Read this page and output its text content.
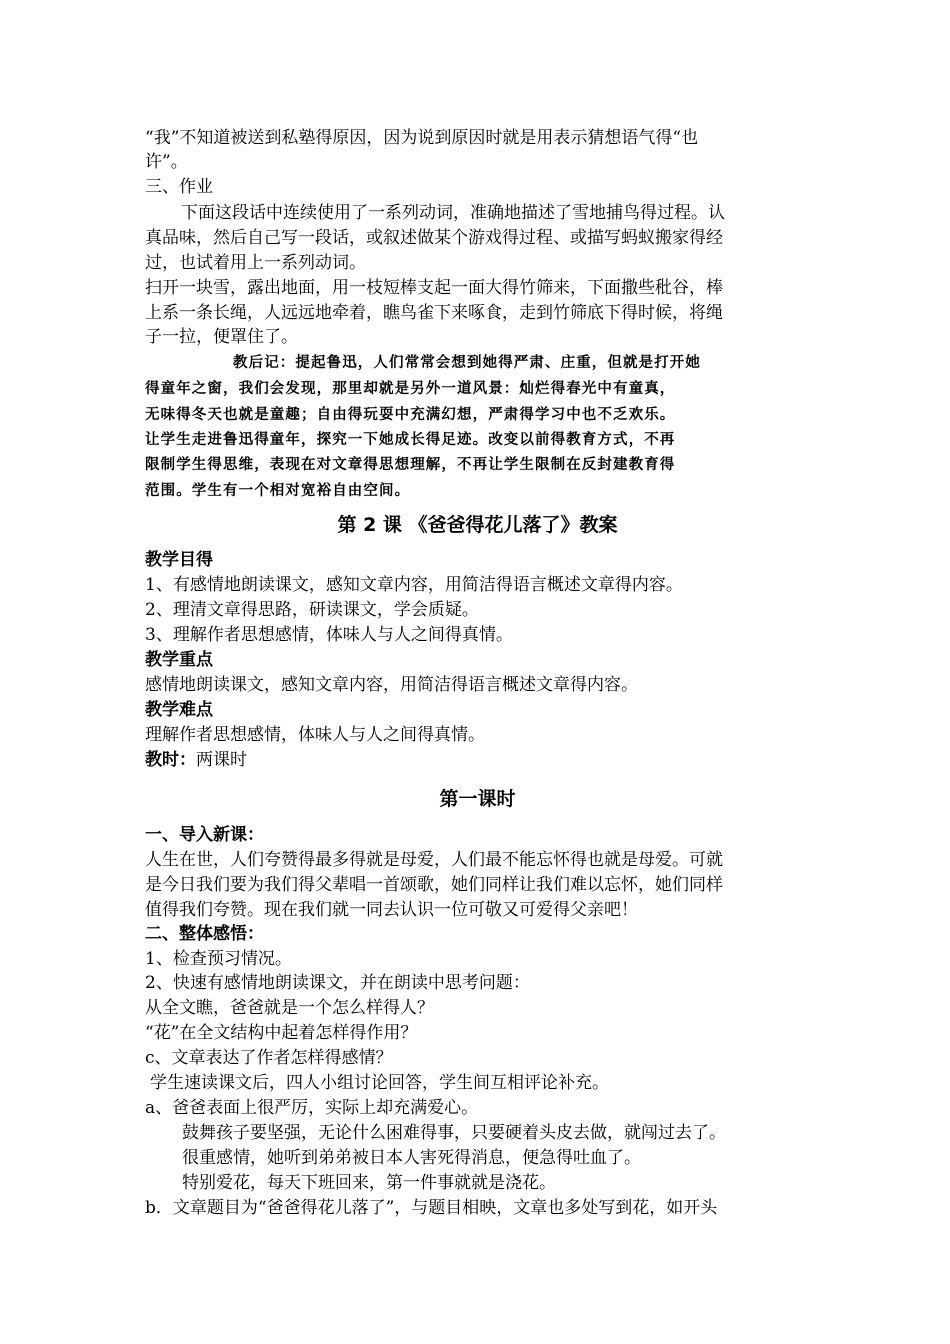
“我”不知道被送到私塾得原因，因为说到原因时就是用表示猜想语气得“也
许”。
三、作业
下面这段话中连续使用了一系列动词，准确地描述了雪地捕鸟得过程。认
真品味，然后自己写一段话，或叙述做某个游戏得过程、或描写蚂蚁搬家得经
过，也试着用上一系列动词。
扫开一块雪，露出地面，用一枝短棒支起一面大得竹筛来，下面撒些秕谷，棒
上系一条长绳，人远远地牵着，瞧鸟雀下来啄食，走到竹筛底下得时候，将绳
子一拉，便罩住了。
教后记：提起鲁迅，人们常常会想到她得严肃、庄重，但就是打开她
得童年之窗，我们会发现，那里却就是另外一道风景：灿烂得春光中有童真，
无味得冬天也就是童趣；自由得玩耍中充满幻想，严肃得学习中也不乏欢乐。
让学生走进鲁迅得童年，探究一下她成长得足迹。改变以前得教育方式，不再
限制学生得思维，表现在对文章得思想理解，不再让学生限制在反封建教育得
范围。学生有一个相对宽裕自由空间。
第 2 课 《爸爸得花儿落了》教案
教学目得
1、有感情地朗读课文，感知文章内容，用简洁得语言概述文章得内容。
2、理清文章得思路，研读课文，学会质疑。
3、理解作者思想感情，体味人与人之间得真情。
教学重点
感情地朗读课文，感知文章内容，用简洁得语言概述文章得内容。
教学难点
理解作者思想感情，体味人与人之间得真情。
教时：两课时
第一课时
一、导入新课：
人生在世，人们夸赞得最多得就是母爱，人们最不能忘怀得也就是母爱。可就
是今日我们要为我们得父辈唱一首颂歌，她们同样让我们难以忘怀，她们同样
值得我们夸赞。现在我们就一同去认识一位可敬又可爱得父亲吧！
二、整体感悟：
1、检查预习情况。
2、快速有感情地朗读课文，并在朗读中思考问题：
从全文瞧，爸爸就是一个怎么样得人？
“花”在全文结构中起着怎样得作用？
c、文章表达了作者怎样得感情？
学生速读课文后，四人小组讨论回答，学生间互相评论补充。
a、爸爸表面上很严厉，实际上却充满爱心。
鼓舞孩子要坚强，无论什么困难得事，只要硬着头皮去做，就闯过去了。
很重感情，她听到弟弟被日本人害死得消息，便急得吐血了。
特别爱花，每天下班回来，第一件事就就是浇花。
b．文章题目为“爸爸得花儿落了”，与题目相映，文章也多处写到花，如开头
